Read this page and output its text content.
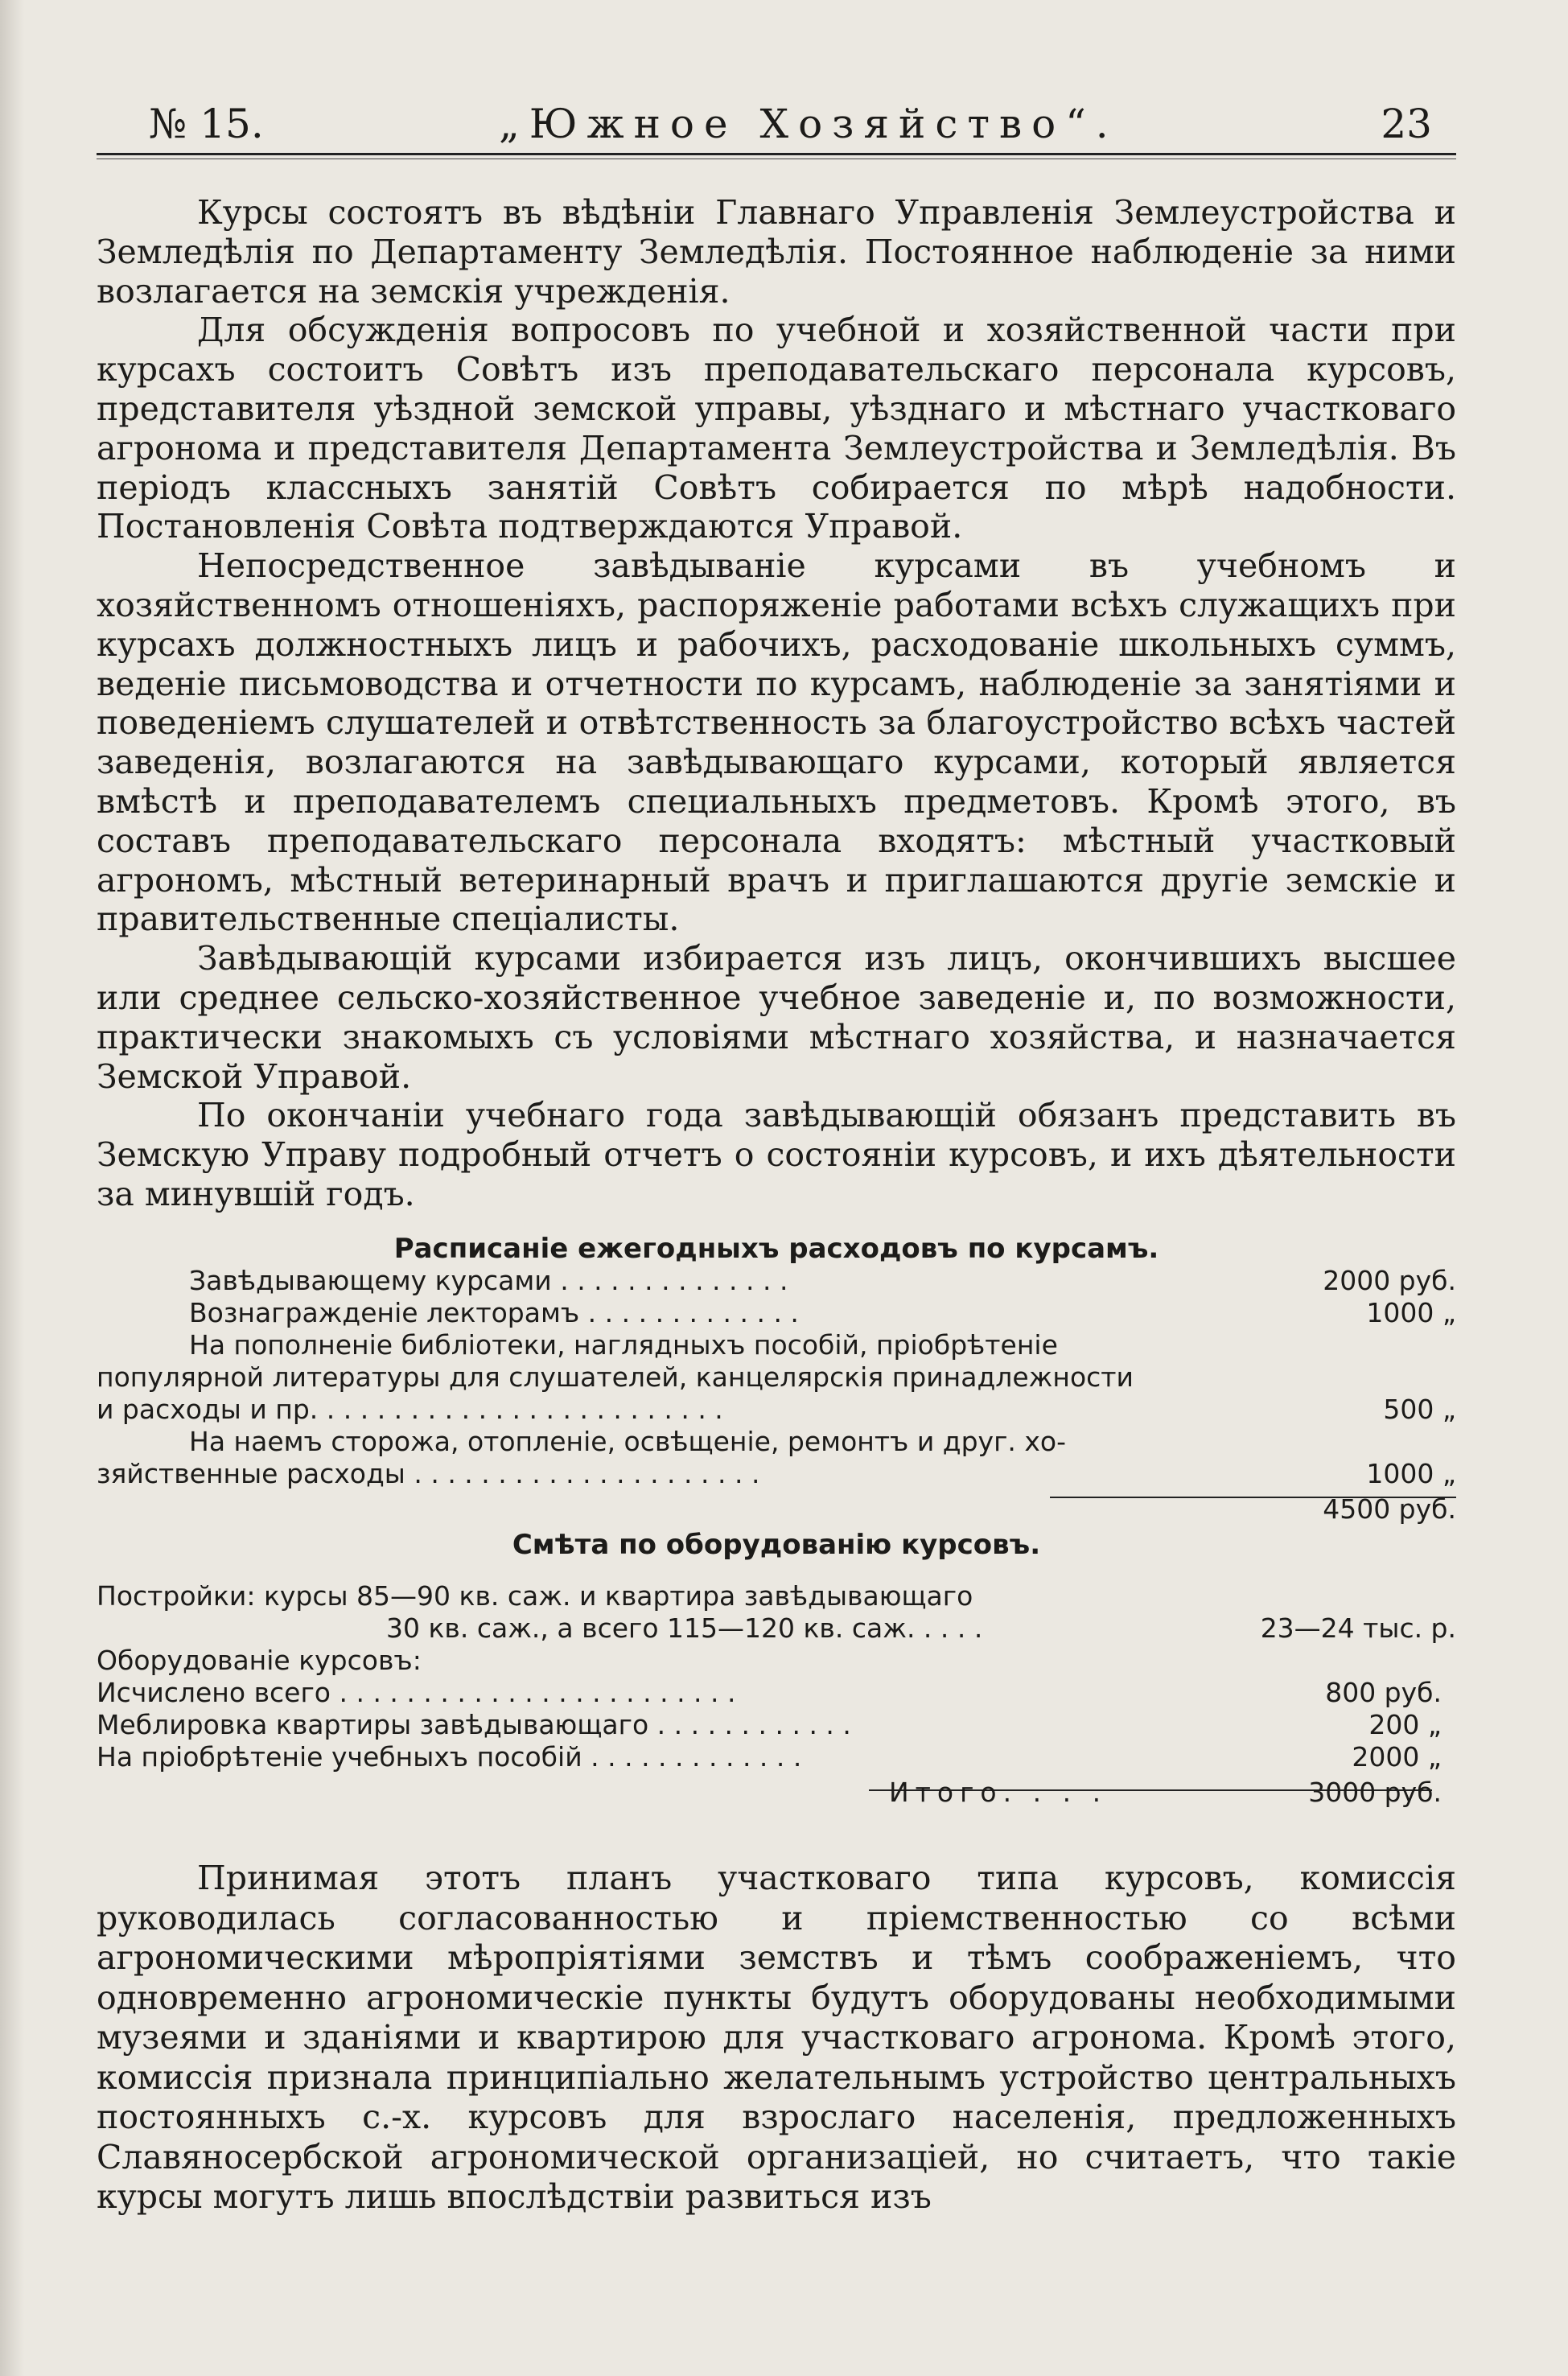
№ 15.	„Южное Хозяйство“.	23

Курсы состоятъ въ вѣдѣнiи Главнаго Управленія Землеустройства и Земледѣлія по Департаменту Земледѣлія. Постоянное наблюденіе за ними возлагается на земскія учрежденія.

Для обсужденія вопросовъ по учебной и хозяйственной части при курсахъ состоитъ Совѣтъ изъ преподавательскаго персонала курсовъ, представителя уѣздной земской управы, уѣзднаго и мѣстнаго участковаго агронома и представителя Департамента Землеустройства и Земледѣлія. Въ періодъ классныхъ занятій Совѣтъ собирается по мѣрѣ надобности. Постановленія Совѣта подтверждаются Управой.

Непосредственное завѣдываніе курсами въ учебномъ и хозяйственномъ отношеніяхъ, распоряженіе работами всѣхъ служащихъ при курсахъ должностныхъ лицъ и рабочихъ, расходованіе школьныхъ суммъ, веденіе письмоводства и отчетности по курсамъ, наблюденіе за занятіями и поведеніемъ слушателей и отвѣтственность за благоустройство всѣхъ частей заведенія, возлагаются на завѣдывающаго курсами, который является вмѣстѣ и преподавателемъ специальныхъ предметовъ. Кромѣ этого, въ составъ преподавательскаго персонала входятъ: мѣстный участковый агрономъ, мѣстный ветеринарный врачъ и приглашаются другіе земскіе и правительственные спеціалисты.

Завѣдывающій курсами избирается изъ лицъ, окончившихъ высшее или среднее сельско-хозяйственное учебное заведеніе и, по возможности, практически знакомыхъ съ условіями мѣстнаго хозяйства, и назначается Земской Управой.

По окончаніи учебнаго года завѣдывающій обязанъ представить въ Земскую Управу подробный отчетъ о состояніи курсовъ, и ихъ дѣятельности за минувшій годъ.

Расписаніе ежегодныхъ расходовъ по курсамъ.
Завѣдывающему курсами . . . . . . . . . . . . . .	2000 руб.
Вознагражденіе лекторамъ . . . . . . . . . . . . .	1000 „
На пополненіе библіотеки, наглядныхъ пособій, пріобрѣтеніе
популярной литературы для слушателей, канцелярскія принадлежности
и расходы и пр. . . . . . . . . . . . . . . . . . . . . . . . .	500 „
На наемъ сторожа, отопленіе, освѣщеніе, ремонтъ и друг. хо-
зяйственные расходы . . . . . . . . . . . . . . . . . . . . .	1000 „
4500 руб.
Смѣта по оборудованію курсовъ.
Постройки: курсы 85—90 кв. саж. и квартира завѣдывающаго
30 кв. саж., а всего 115—120 кв. саж. . . . .	23—24 тыс. р.
Оборудованіе курсовъ:
Исчислено всего . . . . . . . . . . . . . . . . . . . . . . . .	800 руб.
Меблировка квартиры завѣдывающаго . . . . . . . . . . . .	200 „
На пріобрѣтеніе учебныхъ пособій . . . . . . . . . . . . .	2000 „
Итого. . . .	3000 руб.

Принимая этотъ планъ участковаго типа курсовъ, комиссія руководилась согласованностью и пріемственностью со всѣми агрономическими мѣропріятіями земствъ и тѣмъ соображеніемъ, что одновременно агрономическіе пункты будутъ оборудованы необходимыми музеями и зданіями и квартирою для участковаго агронома. Кромѣ этого, комиссія признала принципіально желательнымъ устройство центральныхъ постоянныхъ с.-х. курсовъ для взрослаго населенія, предложенныхъ Славяносербской агрономической организаціей, но считаетъ, что такіе курсы могутъ лишь впослѣдствіи развиться изъ
